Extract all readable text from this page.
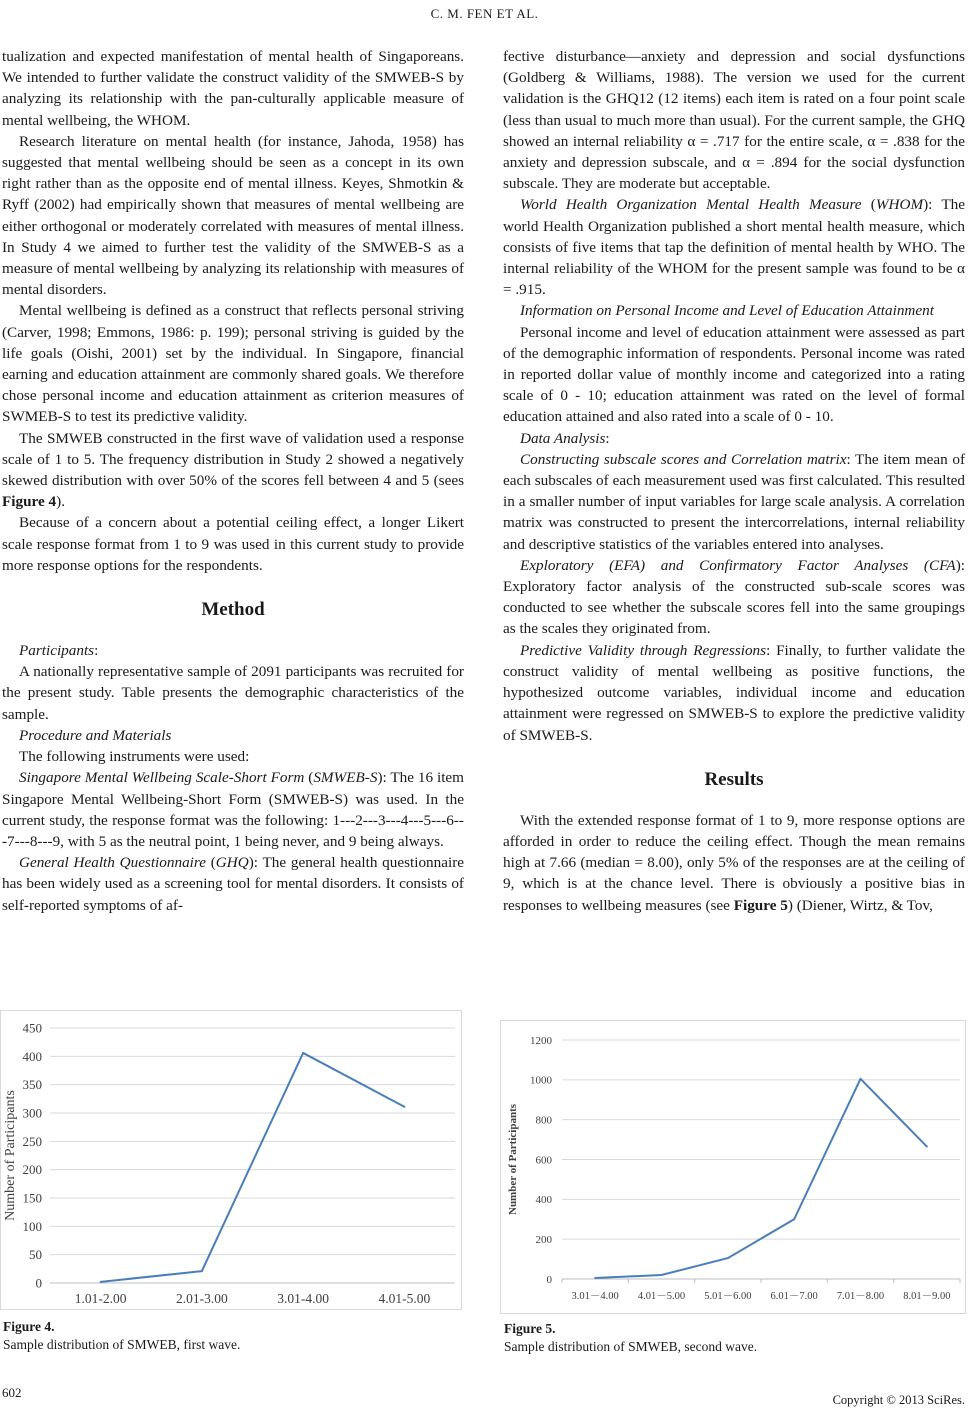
C. M. FEN ET AL.

tualization and expected manifestation of mental health of Singaporeans. We intended to further validate the construct validity of the SMWEB-S by analyzing its relationship with the pan-culturally applicable measure of mental wellbeing, the WHOM.

Research literature on mental health (for instance, Jahoda, 1958) has suggested that mental wellbeing should be seen as a concept in its own right rather than as the opposite end of mental illness. Keyes, Shmotkin & Ryff (2002) had empirically shown that measures of mental wellbeing are either orthogonal or moderately correlated with measures of mental illness. In Study 4 we aimed to further test the validity of the SMWEB-S as a measure of mental wellbeing by analyzing its relationship with measures of mental disorders.

Mental wellbeing is defined as a construct that reflects personal striving (Carver, 1998; Emmons, 1986: p. 199); personal striving is guided by the life goals (Oishi, 2001) set by the individual. In Singapore, financial earning and education attainment are commonly shared goals. We therefore chose personal income and education attainment as criterion measures of SWMEB-S to test its predictive validity.

The SMWEB constructed in the first wave of validation used a response scale of 1 to 5. The frequency distribution in Study 2 showed a negatively skewed distribution with over 50% of the scores fell between 4 and 5 (sees Figure 4).

Because of a concern about a potential ceiling effect, a longer Likert scale response format from 1 to 9 was used in this current study to provide more response options for the respondents.

Method

Participants:

A nationally representative sample of 2091 participants was recruited for the present study. Table presents the demographic characteristics of the sample.

Procedure and Materials

The following instruments were used:

Singapore Mental Wellbeing Scale-Short Form (SMWEB-S): The 16 item Singapore Mental Wellbeing-Short Form (SMWEB-S) was used. In the current study, the response format was the following: 1---2---3---4---5---6---7---8---9, with 5 as the neutral point, 1 being never, and 9 being always.

General Health Questionnaire (GHQ): The general health questionnaire has been widely used as a screening tool for mental disorders. It consists of self-reported symptoms of af-

fective disturbance—anxiety and depression and social dysfunctions (Goldberg & Williams, 1988). The version we used for the current validation is the GHQ12 (12 items) each item is rated on a four point scale (less than usual to much more than usual). For the current sample, the GHQ showed an internal reliability α = .717 for the entire scale, α = .838 for the anxiety and depression subscale, and α = .894 for the social dysfunction subscale. They are moderate but acceptable.

World Health Organization Mental Health Measure (WHOM): The world Health Organization published a short mental health measure, which consists of five items that tap the definition of mental health by WHO. The internal reliability of the WHOM for the present sample was found to be α = .915.

Information on Personal Income and Level of Education Attainment

Personal income and level of education attainment were assessed as part of the demographic information of respondents. Personal income was rated in reported dollar value of monthly income and categorized into a rating scale of 0 - 10; education attainment was rated on the level of formal education attained and also rated into a scale of 0 - 10.

Data Analysis:

Constructing subscale scores and Correlation matrix: The item mean of each subscales of each measurement used was first calculated. This resulted in a smaller number of input variables for large scale analysis. A correlation matrix was constructed to present the intercorrelations, internal reliability and descriptive statistics of the variables entered into analyses.

Exploratory (EFA) and Confirmatory Factor Analyses (CFA): Exploratory factor analysis of the constructed sub-scale scores was conducted to see whether the subscale scores fell into the same groupings as the scales they originated from.

Predictive Validity through Regressions: Finally, to further validate the construct validity of mental wellbeing as positive functions, the hypothesized outcome variables, individual income and education attainment were regressed on SMWEB-S to explore the predictive validity of SMWEB-S.

Results

With the extended response format of 1 to 9, more response options are afforded in order to reduce the ceiling effect. Though the mean remains high at 7.66 (median = 8.00), only 5% of the responses are at the ceiling of 9, which is at the chance level. There is obviously a positive bias in responses to wellbeing measures (see Figure 5) (Diener, Wirtz, & Tov,

0
50
100
150
200
250
300
350
400
450
1.01-2.00	2.01-3.00	3.01-4.00	4.01-5.00
Number of Participants
Figure 4.
Sample distribution of SMWEB, first wave.
0
200
400
600
800
1000
1200
3.01－4.00 4.01－5.00 5.01－6.00 6.01－7.00 7.01－8.00 8.01－9.00
Number of Participants
Figure 5.
Sample distribution of SMWEB, second wave.
602	Copyright © 2013 SciRes.
